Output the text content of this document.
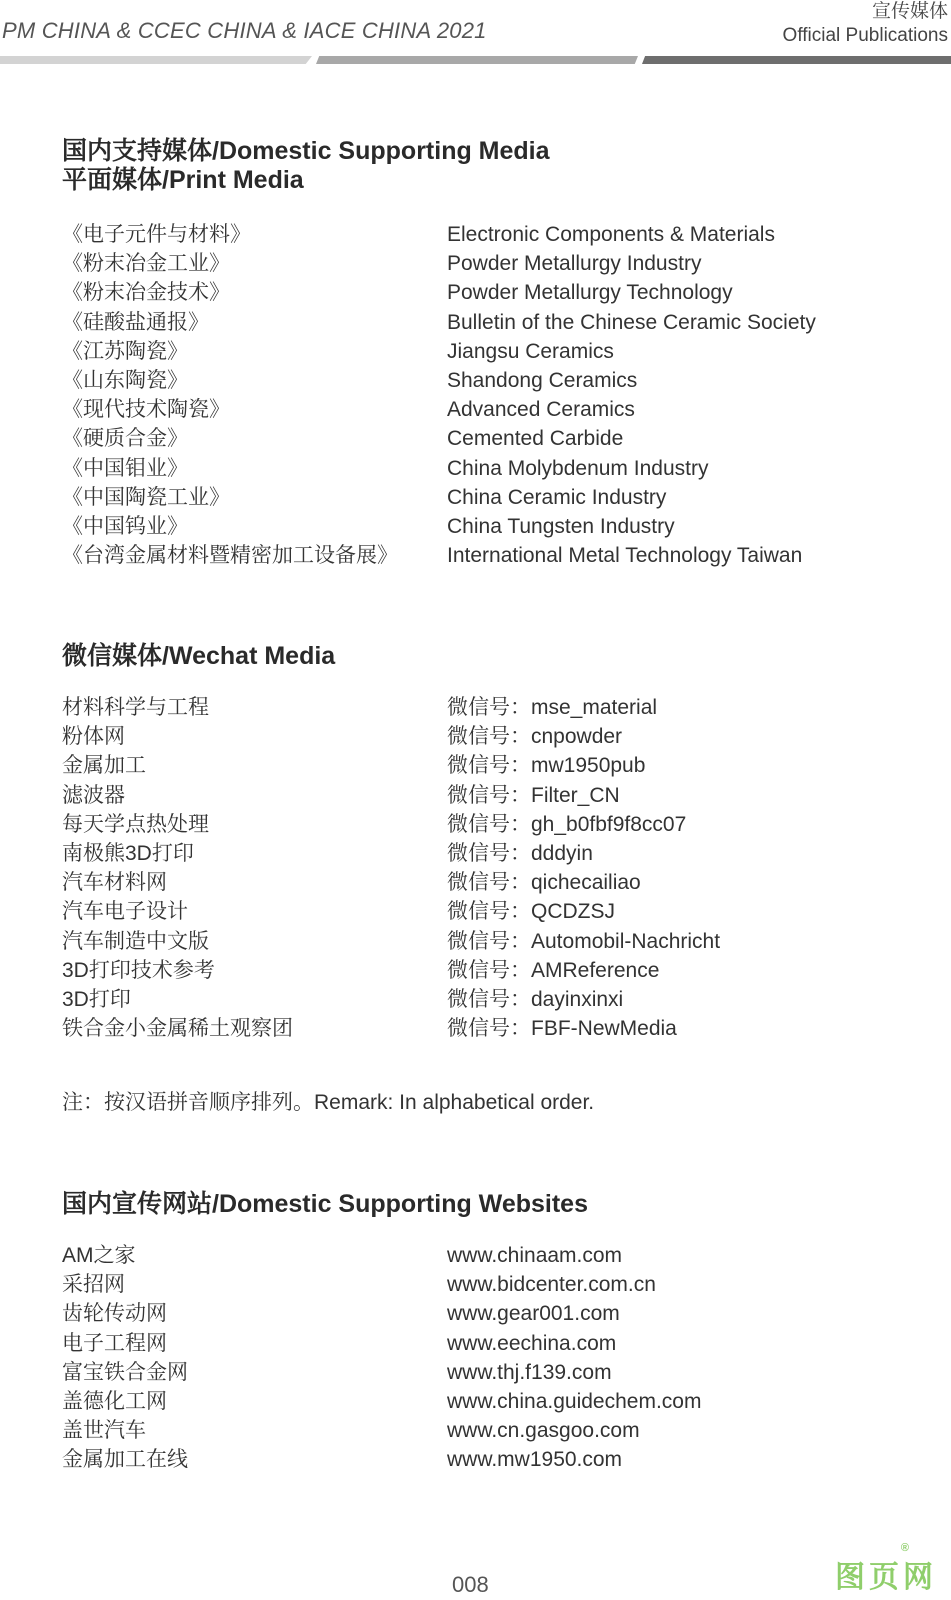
PM CHINA & CCEC CHINA & IACE CHINA 2021
宣传媒体
Official Publications
国内支持媒体/Domestic Supporting Media
平面媒体/Print Media
《电子元件与材料》	Electronic Components & Materials
《粉末冶金工业》	Powder Metallurgy Industry
《粉末冶金技术》	Powder Metallurgy Technology
《硅酸盐通报》	Bulletin of the Chinese Ceramic Society
《江苏陶瓷》	Jiangsu Ceramics
《山东陶瓷》	Shandong Ceramics
《现代技术陶瓷》	Advanced Ceramics
《硬质合金》	Cemented Carbide
《中国钼业》	China Molybdenum Industry
《中国陶瓷工业》	China Ceramic Industry
《中国钨业》	China Tungsten Industry
《台湾金属材料暨精密加工设备展》 International Metal Technology Taiwan
微信媒体/Wechat Media
材料科学与工程	微信号：mse_material
粉体网	微信号：cnpowder
金属加工	微信号：mw1950pub
滤波器	微信号：Filter_CN
每天学点热处理	微信号：gh_b0fbf9f8cc07
南极熊3D打印	微信号：dddyin
汽车材料网	微信号：qichecailiao
汽车电子设计	微信号：QCDZSJ
汽车制造中文版	微信号：Automobil-Nachricht
3D打印技术参考	微信号：AMReference
3D打印	微信号：dayinxinxi
铁合金小金属稀土观察团	微信号：FBF-NewMedia
注：按汉语拼音顺序排列。Remark: In alphabetical order.
国内宣传网站/Domestic Supporting Websites
AM之家	www.chinaam.com
采招网	www.bidcenter.com.cn
齿轮传动网	www.gear001.com
电子工程网	www.eechina.com
富宝铁合金网	www.thj.f139.com
盖德化工网	www.china.guidechem.com
盖世汽车	www.cn.gasgoo.com
金属加工在线	www.mw1950.com
008	图页网
®
